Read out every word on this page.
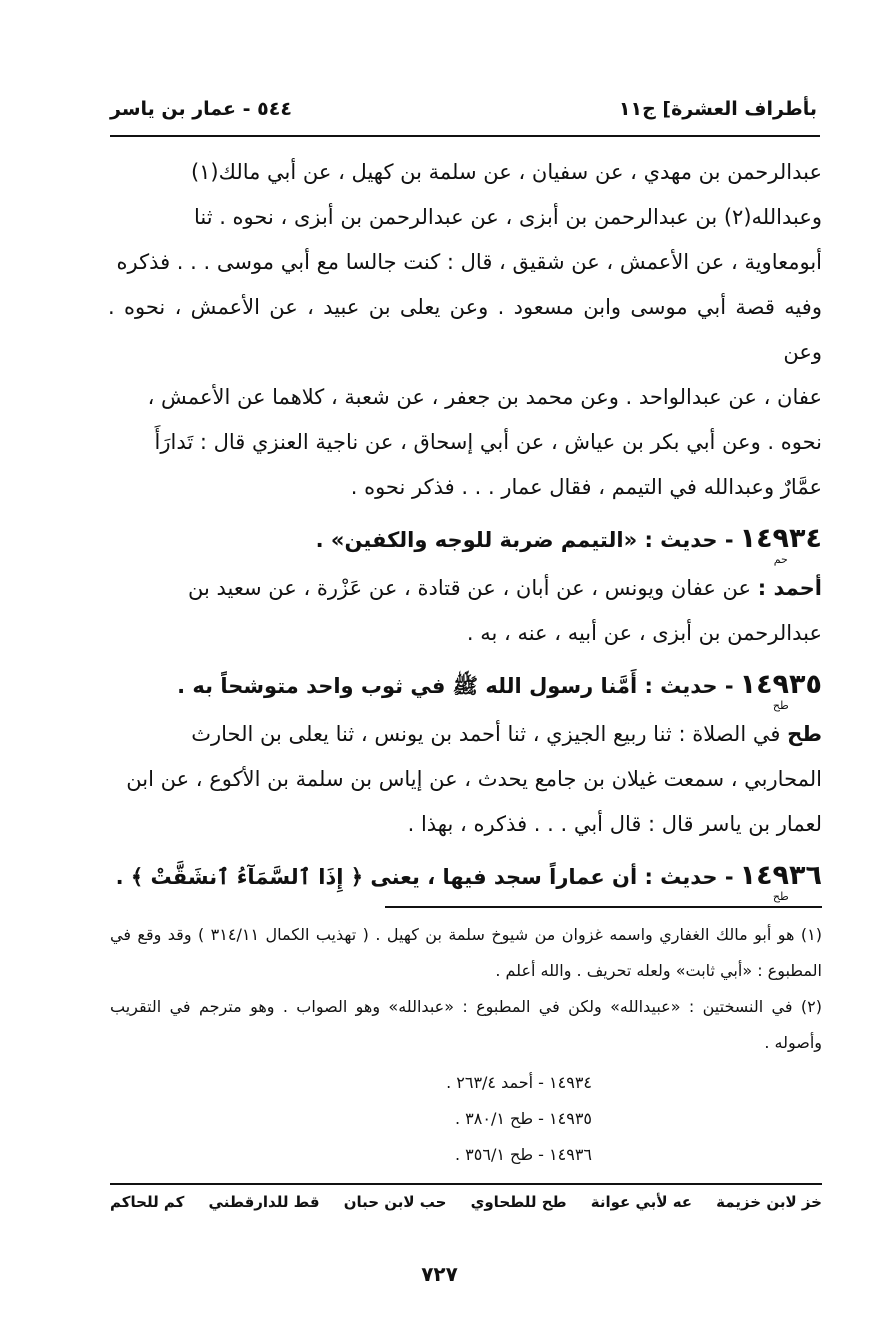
بأطراف العشرة] ج١١
٥٤٤ - عمار بن ياسر

عبدالرحمن بن مهدي ، عن سفيان ، عن سلمة بن كهيل ، عن أبي مالك(١)

وعبدالله(٢) بن عبدالرحمن بن أبزى ، عن عبدالرحمن بن أبزى ، نحوه . ثنا

أبومعاوية ، عن الأعمش ، عن شقيق ، قال : كنت جالسا مع أبي موسى . . . فذكره

وفيه قصة أبي موسى وابن مسعود . وعن يعلى بن عبيد ، عن الأعمش ، نحوه . وعن

عفان ، عن عبدالواحد . وعن محمد بن جعفر ، عن شعبة ، كلاهما عن الأعمش ،

نحوه . وعن أبي بكر بن عياش ، عن أبي إسحاق ، عن ناجية العنزي قال : تَدارَأَ

عمَّارٌ وعبدالله في التيمم ، فقال عمار . . . فذكر نحوه .

١٤٩٣٤
حم
- حديث : «التيمم ضربة للوجه والكفين» .

أحمد : عن عفان ويونس ، عن أبان ، عن قتادة ، عن عَزْرة ، عن سعيد بن

عبدالرحمن بن أبزى ، عن أبيه ، عنه ، به .

١٤٩٣٥
طح
- حديث : أَمَّنا رسول الله ﷺ في ثوب واحد متوشحاً به .

طح في الصلاة : ثنا ربيع الجيزي ، ثنا أحمد بن يونس ، ثنا يعلى بن الحارث

المحاربي ، سمعت غيلان بن جامع يحدث ، عن إياس بن سلمة بن الأكوع ، عن ابن

لعمار بن ياسر قال : قال أبي . . . فذكره ، بهذا .

١٤٩٣٦
طح
- حديث : أن عماراً سجد فيها ، يعنى ﴿ إِذَا ٱلسَّمَآءُ ٱنشَقَّتْ ﴾ .

(١) هو أبو مالك الغفاري واسمه غزوان من شيوخ سلمة بن كهيل . ( تهذيب الكمال ٣١٤/١١ ) وقد وقع في المطبوع : «أبي ثابت» ولعله تحريف . والله أعلم .

(٢) في النسختين : «عبيدالله» ولكن في المطبوع : «عبدالله» وهو الصواب . وهو مترجم في التقريب وأصوله .

١٤٩٣٤ - أحمد ٢٦٣/٤ .
١٤٩٣٥ - طح ٣٨٠/١ .
١٤٩٣٦ - طح ٣٥٦/١ .
خز لابن خزيمة
عه لأبي عوانة
طح للطحاوي
حب لابن حبان
قط للدارقطني
كم للحاكم
٧٢٧
